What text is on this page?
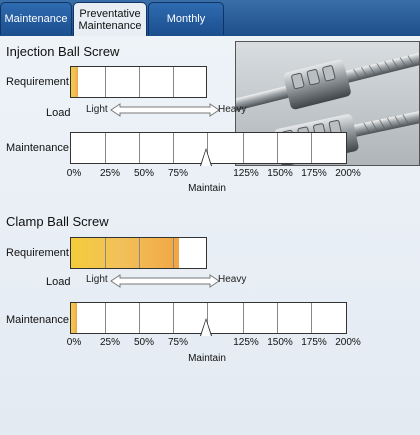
Maintenance	Preventative Maintenance
Monthly
Injection Ball Screw
Requirement
Load Light	Heavy
Maintenance
0% 25% 50% 75%	125% 150% 175% 200%
Maintain
Clamp Ball Screw
Requirement
Load Light	Heavy
Maintenance
0% 25% 50% 75%	125% 150% 175% 200%
Maintain
